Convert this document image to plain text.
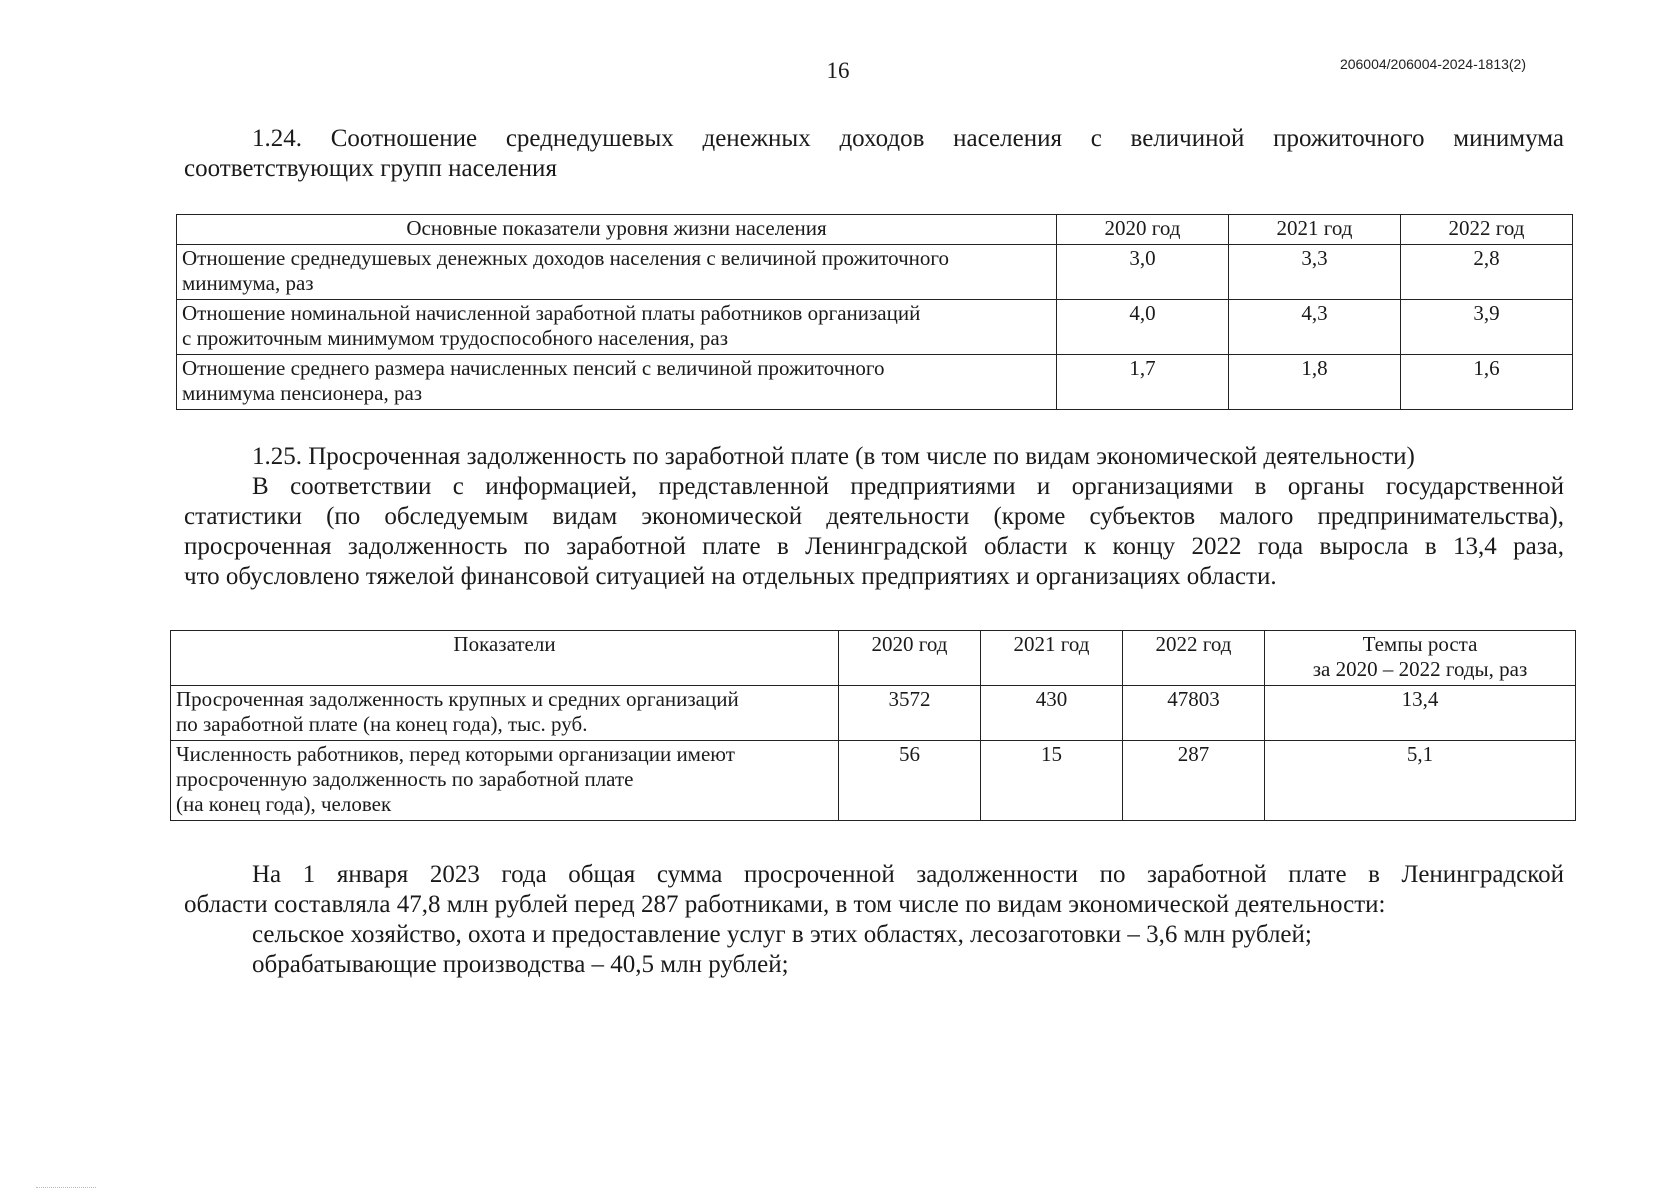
16	206004/206004-2024-1813(2)
1.24. Соотношение среднедушевых денежных доходов населения с величиной прожиточного минимума
соответствующих групп населения
Основные показатели уровня жизни населения	2020 год	2021 год	2022 год
Отношение среднедушевых денежных доходов населения с величиной прожиточного
минимума, раз	3,0	3,3	2,8
Отношение номинальной начисленной заработной платы работников организаций
с прожиточным минимумом трудоспособного населения, раз	4,0	4,3	3,9
Отношение среднего размера начисленных пенсий с величиной прожиточного
минимума пенсионера, раз	1,7	1,8	1,6
1.25. Просроченная задолженность по заработной плате (в том числе по видам экономической деятельности)
В соответствии с информацией, представленной предприятиями и организациями в органы государственной
статистики (по обследуемым видам экономической деятельности (кроме субъектов малого предпринимательства),
просроченная задолженность по заработной плате в Ленинградской области к концу 2022 года выросла в 13,4 раза,
что обусловлено тяжелой финансовой ситуацией на отдельных предприятиях и организациях области.
Показатели	2020 год	2021 год	2022 год	Темпы роста
за 2020 – 2022 годы, раз
Просроченная задолженность крупных и средних организаций
по заработной плате (на конец года), тыс. руб.	3572	430	47803	13,4
Численность работников, перед которыми организации имеют
просроченную задолженность по заработной плате
(на конец года), человек	56	15	287	5,1
На 1 января 2023 года общая сумма просроченной задолженности по заработной плате в Ленинградской
области составляла 47,8 млн рублей перед 287 работниками, в том числе по видам экономической деятельности:
сельское хозяйство, охота и предоставление услуг в этих областях, лесозаготовки – 3,6 млн рублей;
обрабатывающие производства – 40,5 млн рублей;
